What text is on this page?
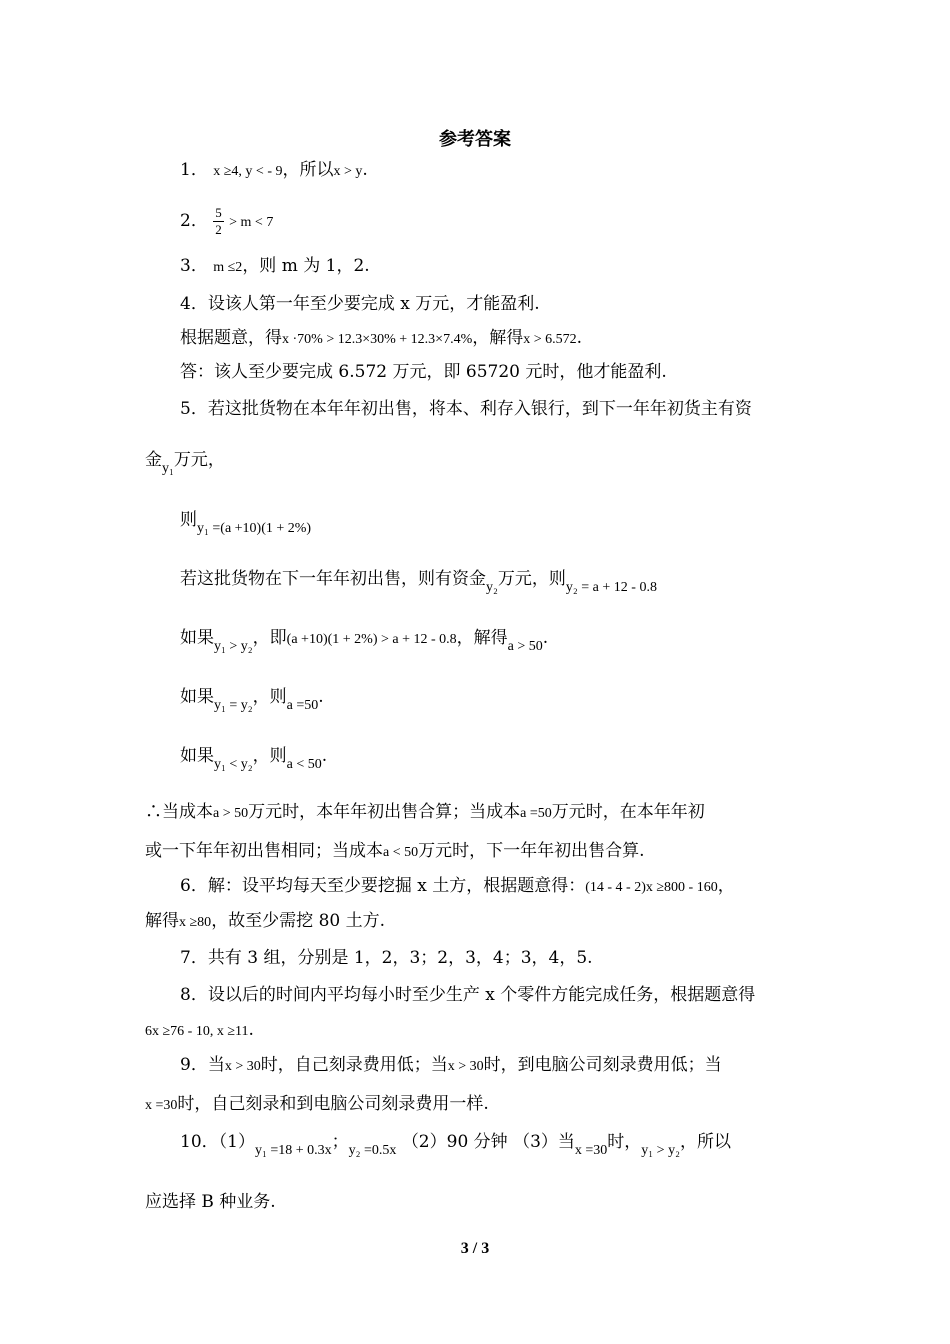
参考答案
1． x ≥4, y < - 9，所以x > y.
2． $\frac{5}{2} > m < 7$
3． m ≤2，则 m 为 1，2.
4．设该人第一年至少要完成 x 万元，才能盈利.
根据题意，得x ·70% > 12.3×30% + 12.3×7.4%，解得x > 6.572.
答：该人至少要完成 6.572 万元，即 65720 元时，他才能盈利.
5．若这批货物在本年年初出售，将本、利存入银行，到下一年年初货主有资
金$_{y_1}$万元，
则$_{y_1 =(a +10)(1 + 2\%)}$
若这批货物在下一年年初出售，则有资金$_{y_2}$万元，则$_{y_2 = a + 12 - 0.8}$
如果$_{y_1 > y_2}$，即(a +10)(1 + 2%) > a + 12 - 0.8，解得$_{a > 50}$.
如果$_{y_1 = y_2}$，则$_{a =50}$.
如果$_{y_1 < y_2}$，则$_{a < 50}$.
∴当成本a > 50万元时，本年年初出售合算；当成本a =50万元时，在本年年初
或一下年年初出售相同；当成本a < 50万元时，下一年年初出售合算.
6．解：设平均每天至少要挖掘 x 土方，根据题意得：(14 - 4 - 2)x ≥800 - 160，
解得x ≥80，故至少需挖 80 土方.
7．共有 3 组，分别是 1，2，3；2，3，4；3，4，5.
8．设以后的时间内平均每小时至少生产 x 个零件方能完成任务，根据题意得
6x ≥76 - 10, x ≥11.
9．当x > 30时，自己刻录费用低；当x > 30时，到电脑公司刻录费用低；当
x =30时，自己刻录和到电脑公司刻录费用一样.
10．$(1)_{y_1 =18 + 0.3x}$；$_{y_2 =0.5x}$ （2）90 分钟 （3）当$_{x =30}$时，$_{y_1 > y_2}$，所以
应选择 B 种业务.
3 / 3
